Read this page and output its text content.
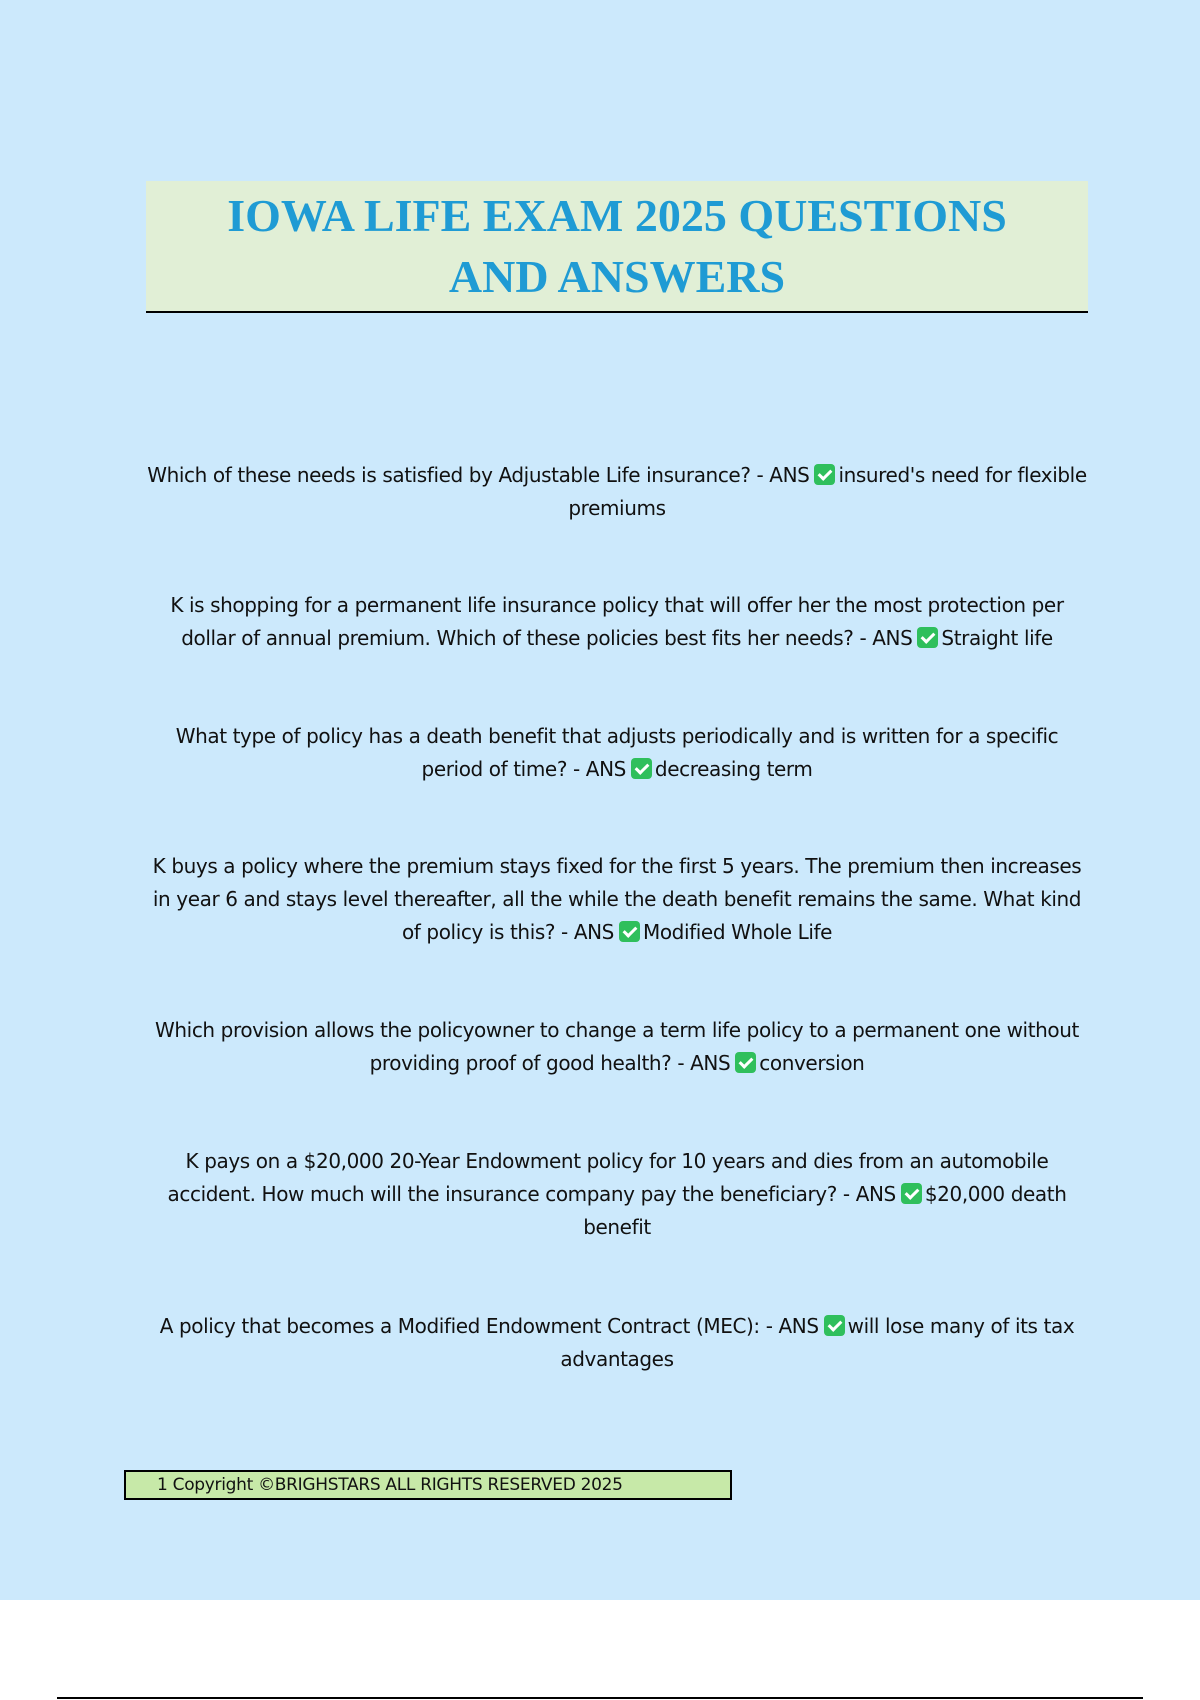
IOWA LIFE EXAM 2025 QUESTIONS
AND ANSWERS

Which of these needs is satisfied by Adjustable Life insurance? - ANS insured's need for flexible premiums

K is shopping for a permanent life insurance policy that will offer her the most protection per dollar of annual premium. Which of these policies best fits her needs? - ANS Straight life

What type of policy has a death benefit that adjusts periodically and is written for a specific period of time? - ANS decreasing term

K buys a policy where the premium stays fixed for the first 5 years. The premium then increases in year 6 and stays level thereafter, all the while the death benefit remains the same. What kind of policy is this? - ANS Modified Whole Life

Which provision allows the policyowner to change a term life policy to a permanent one without providing proof of good health? - ANS conversion

K pays on a $20,000 20-Year Endowment policy for 10 years and dies from an automobile accident. How much will the insurance company pay the beneficiary? - ANS $20,000 death benefit

A policy that becomes a Modified Endowment Contract (MEC): - ANS will lose many of its tax advantages

1 Copyright ©BRIGHSTARS ALL RIGHTS RESERVED 2025
